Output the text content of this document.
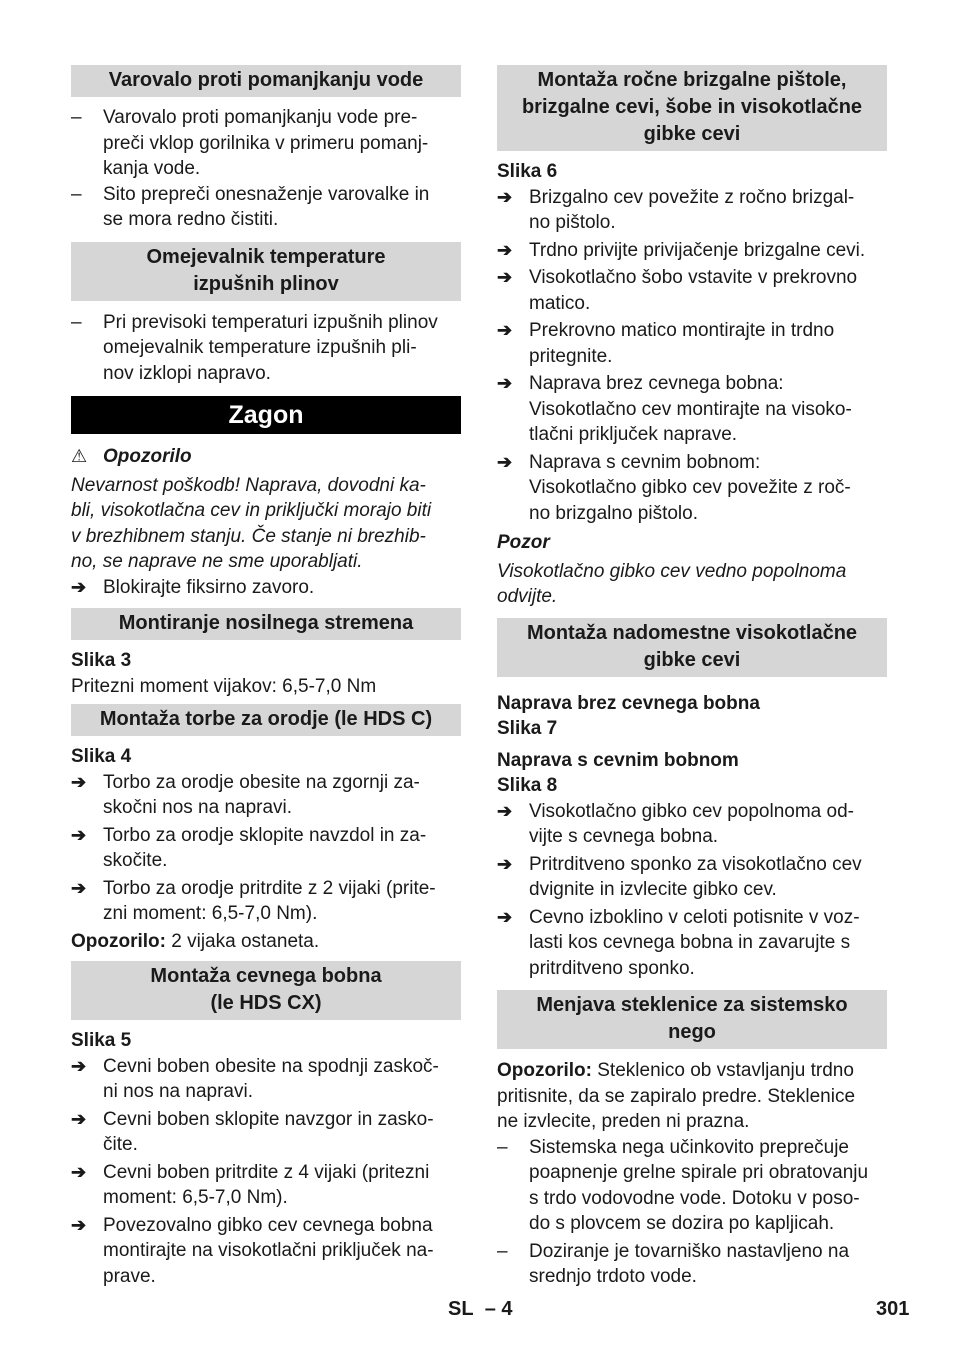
Varovalo proti pomanjkanju vode
–	Varovalo proti pomanjkanju vode pre-
preči vklop gorilnika v primeru pomanj-
kanja vode.
–	Sito prepreči onesnaženje varovalke in
se mora redno čistiti.
Omejevalnik temperature
izpušnih plinov
–	Pri previsoki temperaturi izpušnih plinov
omejevalnik temperature izpušnih pli-
nov izklopi napravo.
Zagon
⚠ Opozorilo
Nevarnost poškodb! Naprava, dovodni ka-
bli, visokotlačna cev in priključki morajo biti
v brezhibnem stanju. Če stanje ni brezhib-
no, se naprave ne sme uporabljati.
➔ Blokirajte fiksirno zavoro.
Montiranje nosilnega stremena
Slika 3
Pritezni moment vijakov: 6,5-7,0 Nm
Montaža torbe za orodje (le HDS C)
Slika 4
➔ Torbo za orodje obesite na zgornji za-
skočni nos na napravi.
➔ Torbo za orodje sklopite navzdol in za-
skočite.
➔ Torbo za orodje pritrdite z 2 vijaki (prite-
zni moment: 6,5-7,0 Nm).
Opozorilo: 2 vijaka ostaneta.
Montaža cevnega bobna
(le HDS CX)
Slika 5
➔ Cevni boben obesite na spodnji zaskoč-
ni nos na napravi.
➔ Cevni boben sklopite navzgor in zasko-
čite.
➔ Cevni boben pritrdite z 4 vijaki (pritezni
moment: 6,5-7,0 Nm).
➔ Povezovalno gibko cev cevnega bobna
montirajte na visokotlačni priključek na-
prave.
Montaža ročne brizgalne pištole,
brizgalne cevi, šobe in visokotlačne
gibke cevi
Slika 6
➔ Brizgalno cev povežite z ročno brizgal-
no pištolo.
➔ Trdno privijte privijačenje brizgalne cevi.
➔ Visokotlačno šobo vstavite v prekrovno
matico.
➔ Prekrovno matico montirajte in trdno
pritegnite.
➔ Naprava brez cevnega bobna:
Visokotlačno cev montirajte na visoko-
tlačni priključek naprave.
➔ Naprava s cevnim bobnom:
Visokotlačno gibko cev povežite z roč-
no brizgalno pištolo.
Pozor
Visokotlačno gibko cev vedno popolnoma
odvijte.
Montaža nadomestne visokotlačne
gibke cevi
Naprava brez cevnega bobna
Slika 7
Naprava s cevnim bobnom
Slika 8
➔ Visokotlačno gibko cev popolnoma od-
vijte s cevnega bobna.
➔ Pritrditveno sponko za visokotlačno cev
dvignite in izvlecite gibko cev.
➔ Cevno izboklino v celoti potisnite v voz-
lasti kos cevnega bobna in zavarujte s
pritrditveno sponko.
Menjava steklenice za sistemsko
nego
Opozorilo: Steklenico ob vstavljanju trdno
pritisnite, da se zapiralo predre. Steklenice
ne izvlecite, preden ni prazna.
–	Sistemska nega učinkovito preprečuje
poapnenje grelne spirale pri obratovanju
s trdo vodovodne vode. Dotoku v poso-
do s plovcem se dozira po kapljicah.
–	Doziranje je tovarniško nastavljeno na
srednjo trdoto vode.
SL – 4	301
